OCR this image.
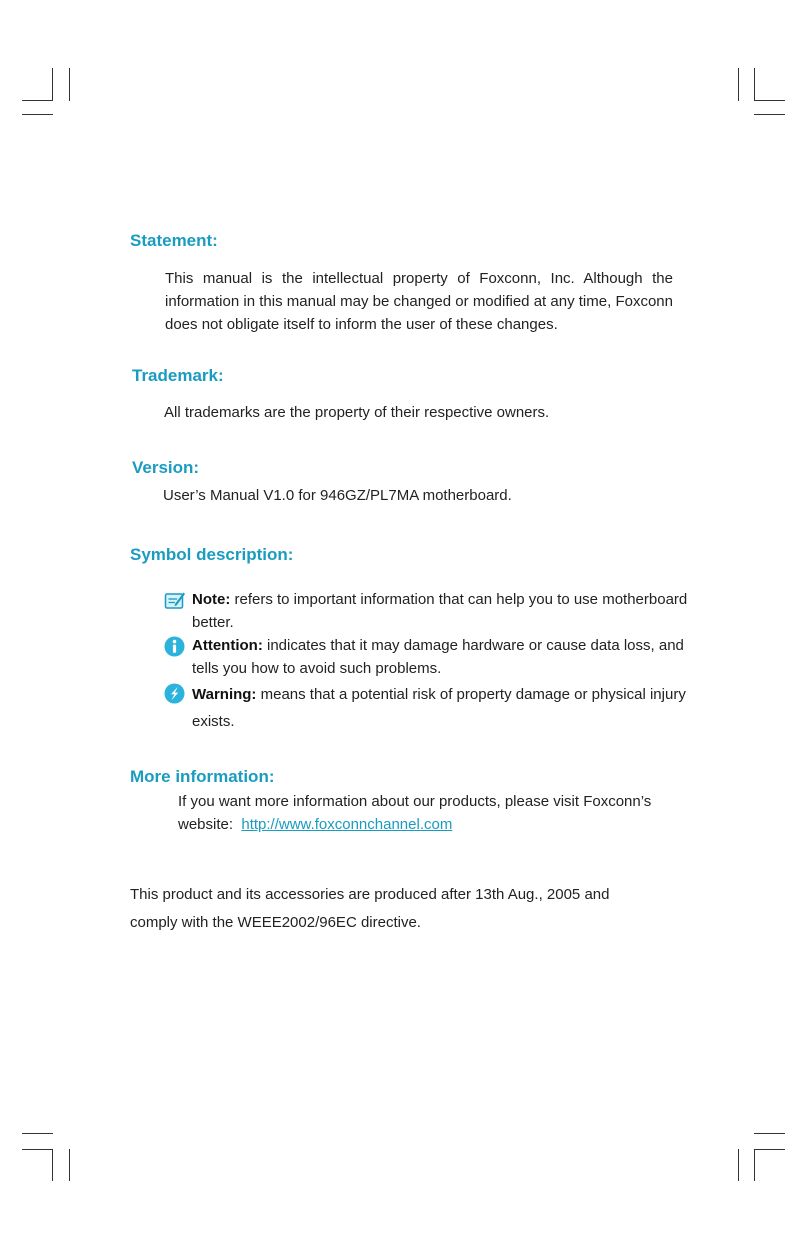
Statement:

This manual is the intellectual property of Foxconn, Inc. Although the information in this manual may be changed or modified at any time, Foxconn does not obligate itself to inform the user of these changes.

Trademark:

All trademarks are the property of their respective owners.

Version:

User’s Manual V1.0 for 946GZ/PL7MA motherboard.

Symbol description:
Note: refers to important information that can help you to use motherboard better.
Attention: indicates that it may damage hardware or cause data loss, and tells you how to avoid such problems.
Warning: means that a potential risk of property damage or physical injury exists.
More information:

If you want more information about our products, please visit Foxconn’s

website: http://www.foxconnchannel.com

This product and its accessories are produced after 13th Aug., 2005 and comply with the WEEE2002/96EC directive.
